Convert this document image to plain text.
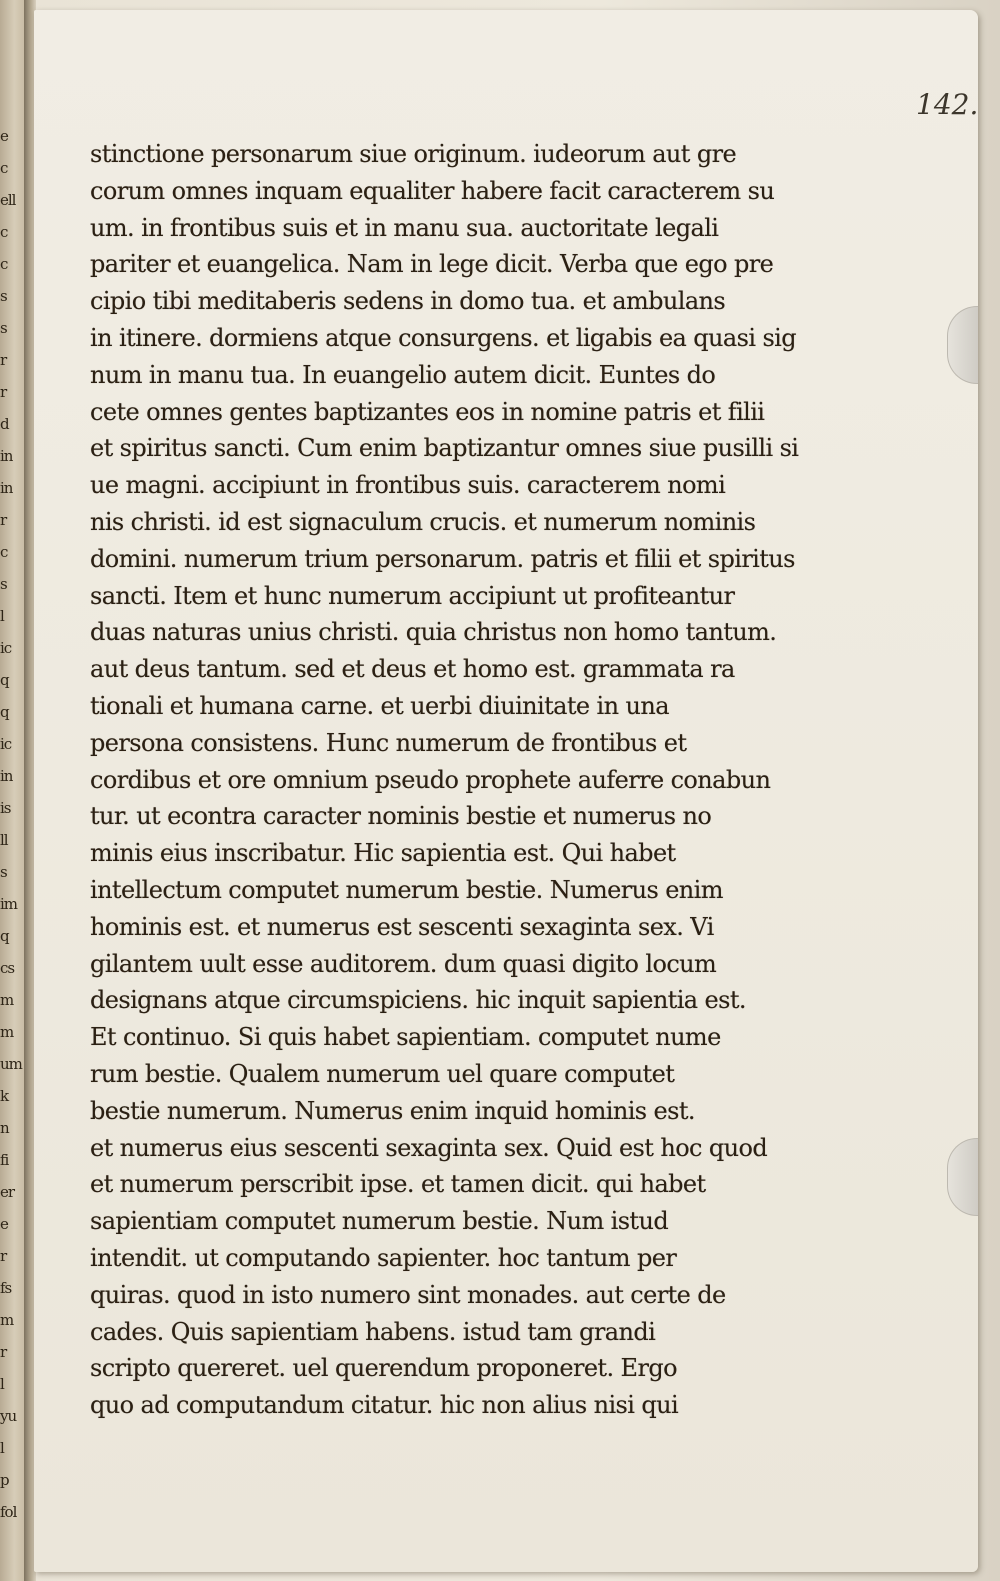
e
c
ell
c
c
s
s
r
r
d
in
in
r
c
s
l
ic
q
q
ic
in
is
ll
s
im
q
cs
m
m
um
k
n
fi
er
e
r
fs
m
r
l
yu
l
p
fol
142.
stinctione personarum siue originum. iudeorum aut gre
corum omnes inquam equaliter habere facit caracterem su
um. in frontibus suis et in manu sua. auctoritate legali
pariter et euangelica. Nam in lege dicit. Verba que ego pre
cipio tibi meditaberis sedens in domo tua. et ambulans
in itinere. dormiens atque consurgens. et ligabis ea quasi sig
num in manu tua. In euangelio autem dicit. Euntes do
cete omnes gentes baptizantes eos in nomine patris et filii
et spiritus sancti. Cum enim baptizantur omnes siue pusilli si
ue magni. accipiunt in frontibus suis. caracterem nomi
nis christi. id est signaculum crucis. et numerum nominis
domini. numerum trium personarum. patris et filii et spiritus
sancti. Item et hunc numerum accipiunt ut profiteantur
duas naturas unius christi. quia christus non homo tantum.
aut deus tantum. sed et deus et homo est. grammata ra
tionali et humana carne. et uerbi diuinitate in una
persona consistens. Hunc numerum de frontibus et
cordibus et ore omnium pseudo prophete auferre conabun
tur. ut econtra caracter nominis bestie et numerus no
minis eius inscribatur. Hic sapientia est. Qui habet
intellectum computet numerum bestie. Numerus enim
hominis est. et numerus est sescenti sexaginta sex. Vi
gilantem uult esse auditorem. dum quasi digito locum
designans atque circumspiciens. hic inquit sapientia est.
Et continuo. Si quis habet sapientiam. computet nume
rum bestie. Qualem numerum uel quare computet
bestie numerum. Numerus enim inquid hominis est.
et numerus eius sescenti sexaginta sex. Quid est hoc quod
et numerum perscribit ipse. et tamen dicit. qui habet
sapientiam computet numerum bestie. Num istud
intendit. ut computando sapienter. hoc tantum per
quiras. quod in isto numero sint monades. aut certe de
cades. Quis sapientiam habens. istud tam grandi
scripto quereret. uel querendum proponeret. Ergo
quo ad computandum citatur. hic non alius nisi qui
